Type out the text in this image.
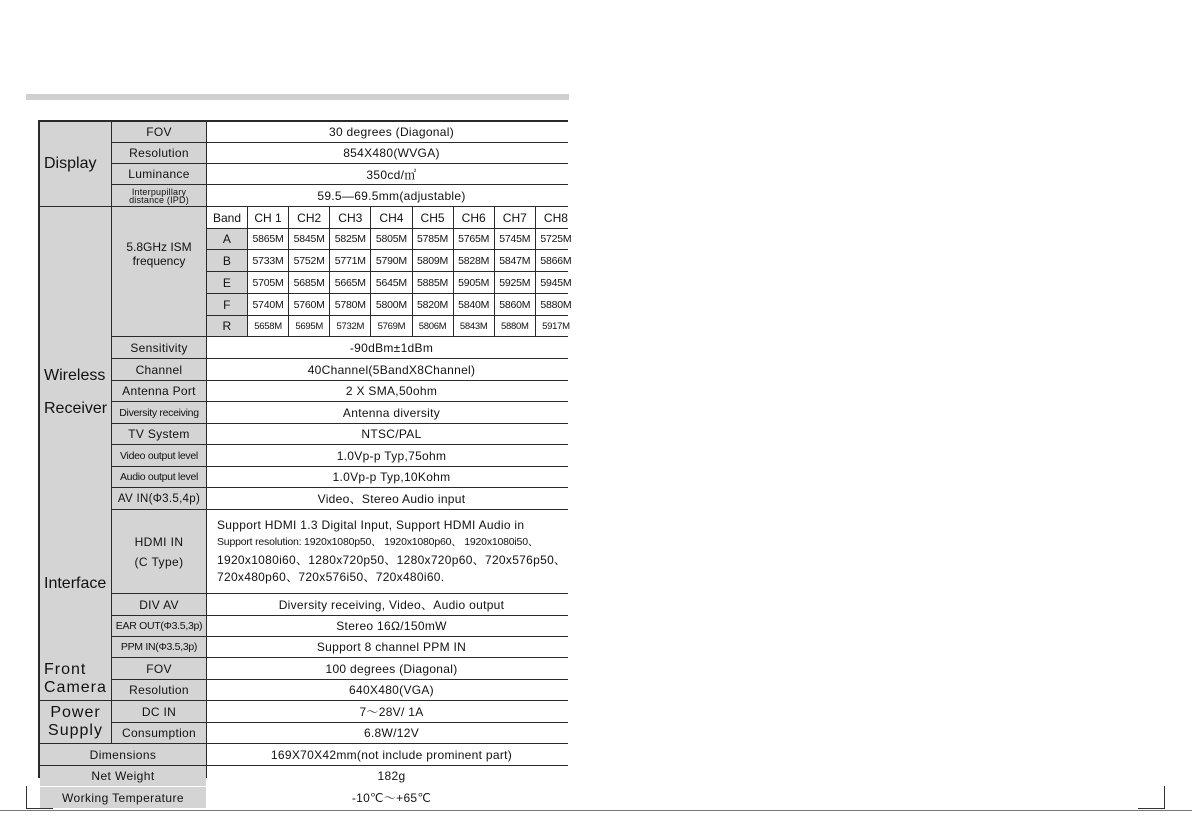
Display
FOV	30 degrees (Diagonal)
Resolution	854X480(WVGA)
Luminance	350cd/㎡
Interpupillary
distance (IPD)	59.5—69.5mm(adjustable)
Wireless
Receiver
5.8GHz ISM
frequency
Band	CH 1	CH2	CH3	CH4	CH5	CH6	CH7	CH8
A	5865M 5845M 5825M 5805M 5785M 5765M 5745M 5725M
B	5733M 5752M 5771M 5790M 5809M 5828M 5847M 5866M
E	5705M 5685M 5665M 5645M 5885M 5905M 5925M 5945M
F	5740M 5760M 5780M 5800M 5820M 5840M 5860M 5880M
R	5658M	5695M	5732M	5769M	5806M	5843M	5880M	5917M
Sensitivity	-90dBm±1dBm
Channel	40Channel(5BandX8Channel)
Antenna Port	2 X SMA,50ohm
Diversity receiving	Antenna diversity
TV System	NTSC/PAL
Video output level	1.0Vp-p Typ,75ohm
Audio output level	1.0Vp-p Typ,10Kohm
Interface
AV IN(Φ3.5,4p)	Video、Stereo Audio input
HDMI IN
(C Type)
Support HDMI 1.3 Digital Input, Support HDMI Audio in
Support resolution: 1920x1080p50、 1920x1080p60、 1920x1080i50、
1920x1080i60、1280x720p50、1280x720p60、720x576p50、
720x480p60、720x576i50、720x480i60.
DIV AV	Diversity receiving, Video、Audio output
EAR OUT(Φ3.5,3p)	Stereo 16Ω/150mW
PPM IN(Φ3.5,3p)	Support 8 channel PPM IN
Front
Camera
FOV	100 degrees (Diagonal)
Resolution	640X480(VGA)
Power
Supply
DC IN	7～28V/ 1A
Consumption	6.8W/12V
Dimensions	169X70X42mm(not include prominent part)
Net Weight	182g
Working Temperature	-10℃～+65℃
